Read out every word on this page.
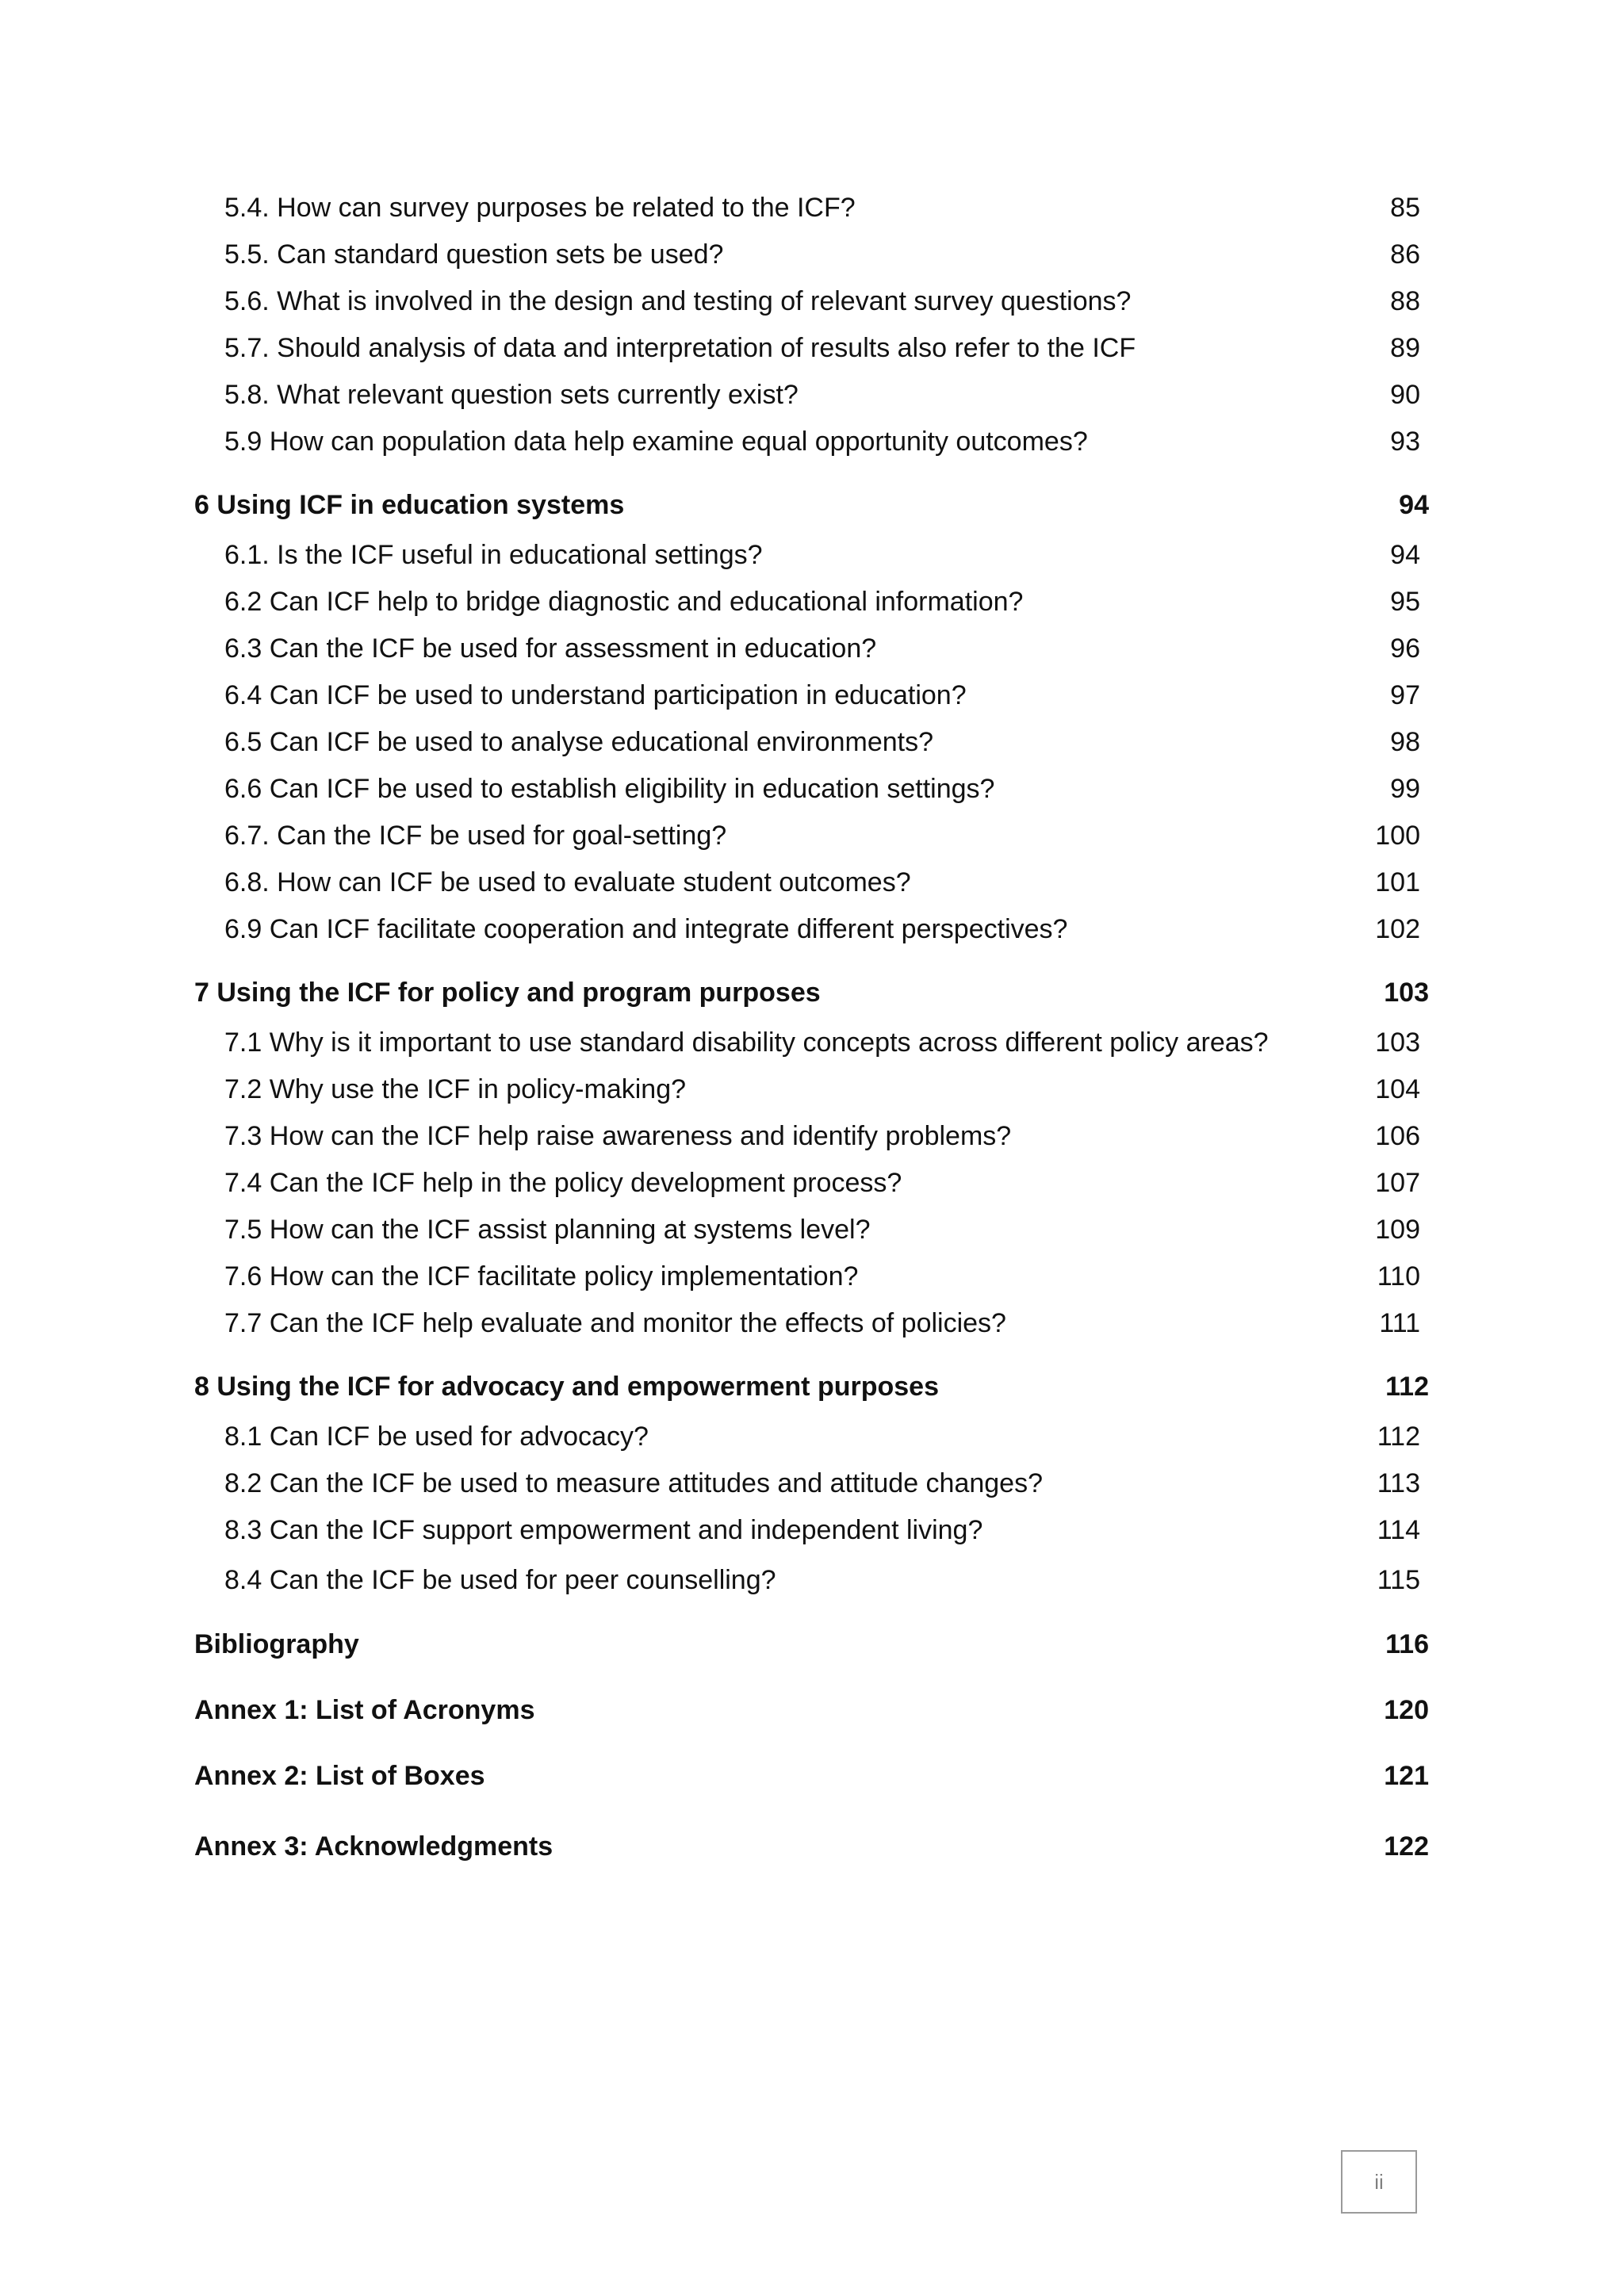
5.4. How can survey purposes be related to the ICF?	85
5.5. Can standard question sets be used?	86
5.6. What is involved in the design and testing of relevant survey questions?	88
5.7. Should analysis of data and interpretation of results also refer to the ICF	89
5.8. What relevant question sets currently exist?	90
5.9 How can population data help examine equal opportunity outcomes?	93
6 Using ICF in education systems	94
6.1. Is the ICF useful in educational settings?	94
6.2 Can ICF help to bridge diagnostic and educational information?	95
6.3 Can the ICF be used for assessment in education?	96
6.4 Can ICF be used to understand participation in education?	97
6.5 Can ICF be used to analyse educational environments?	98
6.6 Can ICF be used to establish eligibility in education settings?	99
6.7. Can the ICF be used for goal-setting?	100
6.8. How can ICF be used to evaluate student outcomes?	101
6.9 Can ICF facilitate cooperation and integrate different perspectives?	102
7 Using the ICF for policy and program purposes	103
7.1 Why is it important to use standard disability concepts across different policy areas?	103
7.2 Why use the ICF in policy-making?	104
7.3 How can the ICF help raise awareness and identify problems?	106
7.4 Can the ICF help in the policy development process?	107
7.5 How can the ICF assist planning at systems level?	109
7.6 How can the ICF facilitate policy implementation?	110
7.7 Can the ICF help evaluate and monitor the effects of policies?	111
8 Using the ICF for advocacy and empowerment purposes	112
8.1 Can ICF be used for advocacy?	112
8.2 Can the ICF be used to measure attitudes and attitude changes?	113
8.3 Can the ICF support empowerment and independent living?	114
8.4 Can the ICF be used for peer counselling?	115
Bibliography	116
Annex 1: List of Acronyms	120
Annex 2: List of Boxes	121
Annex 3: Acknowledgments	122
ii
